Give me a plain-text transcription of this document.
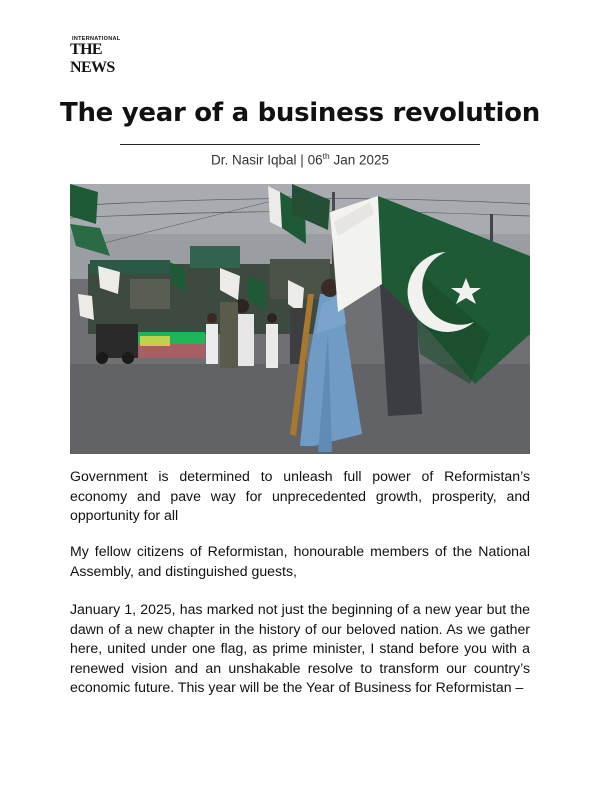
INTERNATIONAL
THE NEWS
The year of a business revolution
Dr. Nasir Iqbal | 06th Jan 2025

Government is determined to unleash full power of Reformistan’s economy and pave way for unprecedented growth, prosperity, and opportunity for all

My fellow citizens of Reformistan, honourable members of the National Assembly, and distinguished guests,

January 1, 2025, has marked not just the beginning of a new year but the dawn of a new chapter in the history of our beloved nation. As we gather here, united under one flag, as prime minister, I stand before you with a renewed vision and an unshakable resolve to transform our country’s economic future. This year will be the Year of Business for Reformistan –
